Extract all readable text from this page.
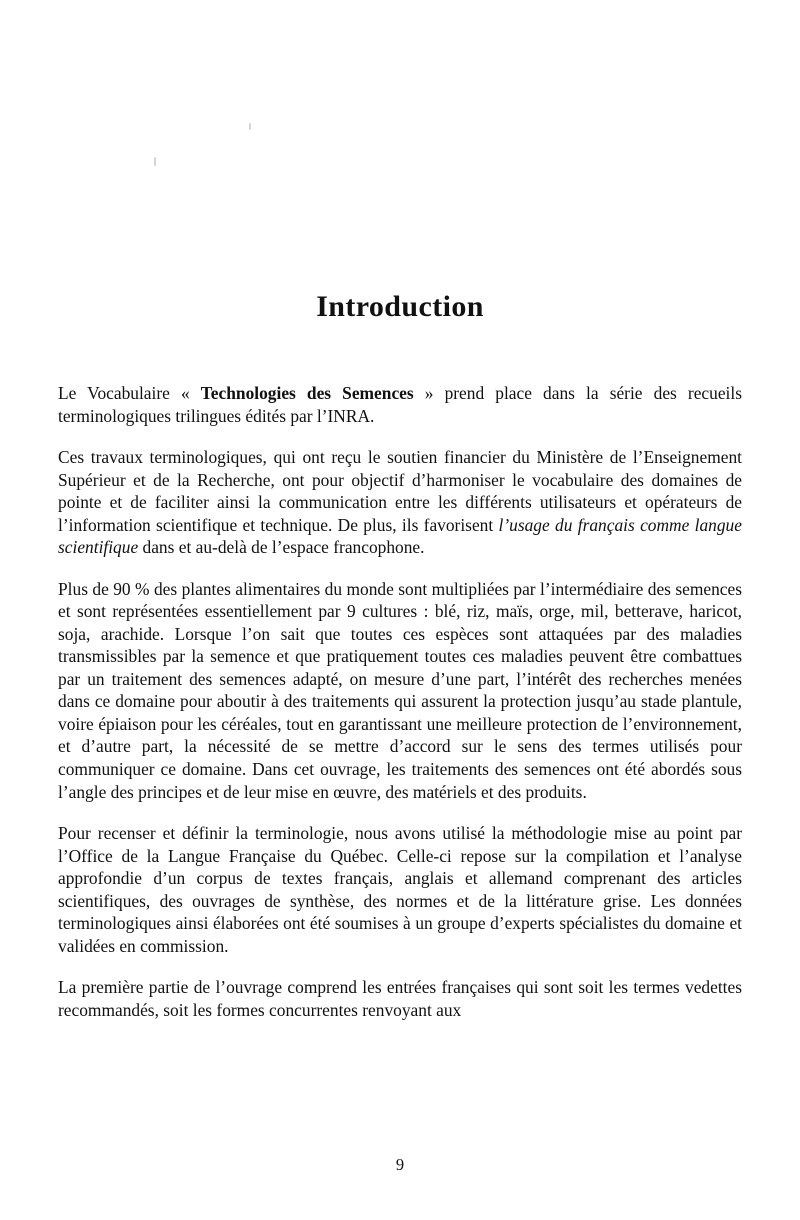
Introduction

Le Vocabulaire « Technologies des Semences » prend place dans la série des recueils terminologiques trilingues édités par l’INRA.

Ces travaux terminologiques, qui ont reçu le soutien financier du Ministère de l’Enseignement Supérieur et de la Recherche, ont pour objectif d’harmoniser le vocabulaire des domaines de pointe et de faciliter ainsi la communication entre les différents utilisateurs et opérateurs de l’information scientifique et technique. De plus, ils favorisent l’usage du français comme langue scientifique dans et au-delà de l’espace francophone.

Plus de 90 % des plantes alimentaires du monde sont multipliées par l’intermédiaire des semences et sont représentées essentiellement par 9 cultures : blé, riz, maïs, orge, mil, betterave, haricot, soja, arachide. Lorsque l’on sait que toutes ces espèces sont attaquées par des maladies transmissibles par la semence et que pratiquement toutes ces maladies peuvent être combattues par un traitement des semences adapté, on mesure d’une part, l’intérêt des recherches menées dans ce domaine pour aboutir à des traitements qui assurent la protection jusqu’au stade plantule, voire épiaison pour les céréales, tout en garantissant une meilleure protection de l’environnement, et d’autre part, la nécessité de se mettre d’accord sur le sens des termes utilisés pour communiquer ce domaine. Dans cet ouvrage, les traitements des semences ont été abordés sous l’angle des principes et de leur mise en œuvre, des matériels et des produits.

Pour recenser et définir la terminologie, nous avons utilisé la méthodologie mise au point par l’Office de la Langue Française du Québec. Celle-ci repose sur la compilation et l’analyse approfondie d’un corpus de textes français, anglais et allemand comprenant des articles scientifiques, des ouvrages de synthèse, des normes et de la littérature grise. Les données terminologiques ainsi élaborées ont été soumises à un groupe d’experts spécialistes du domaine et validées en commission.

La première partie de l’ouvrage comprend les entrées françaises qui sont soit les termes vedettes recommandés, soit les formes concurrentes renvoyant aux

9
